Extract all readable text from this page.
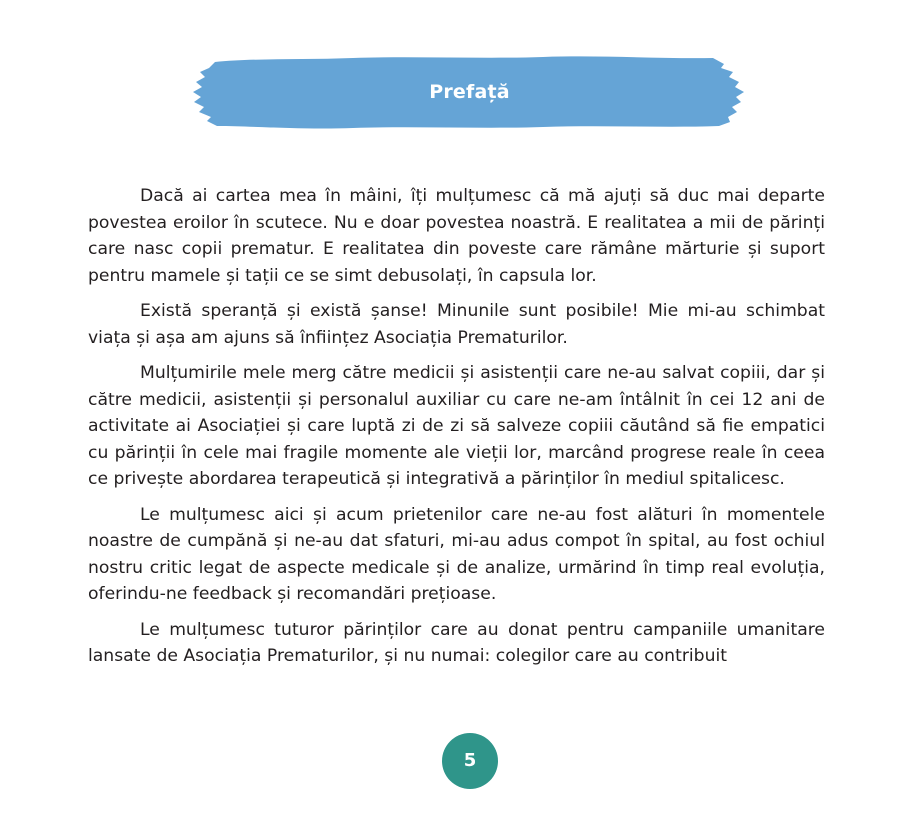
Prefață

Dacă ai cartea mea în mâini, îți mulțumesc că mă ajuți să duc mai departe povestea eroilor în scutece. Nu e doar povestea noastră. E realitatea a mii de părinți care nasc copii prematur. E realitatea din poveste care rămâne mărturie și suport pentru mamele și tații ce se simt debusolați, în capsula lor.

Există speranță și există șanse! Minunile sunt posibile! Mie mi-au schimbat viața și așa am ajuns să înființez Asociația Prematurilor.

Mulțumirile mele merg către medicii și asistenții care ne-au salvat copiii, dar și către medicii, asistenții și personalul auxiliar cu care ne-am întâlnit în cei 12 ani de activitate ai Asociației și care luptă zi de zi să salveze copiii căutând să fie empatici cu părinții în cele mai fragile momente ale vieții lor, marcând progrese reale în ceea ce privește abordarea terapeutică și integrativă a părinților în mediul spitalicesc.

Le mulțumesc aici și acum prietenilor care ne-au fost alături în momentele noastre de cumpănă și ne-au dat sfaturi, mi-au adus compot în spital, au fost ochiul nostru critic legat de aspecte medicale și de analize, urmărind în timp real evoluția, oferindu-ne feedback și recomandări prețioase.

Le mulțumesc tuturor părinților care au donat pentru campaniile umanitare lansate de Asociația Prematurilor, și nu numai: colegilor care au contribuit

5
